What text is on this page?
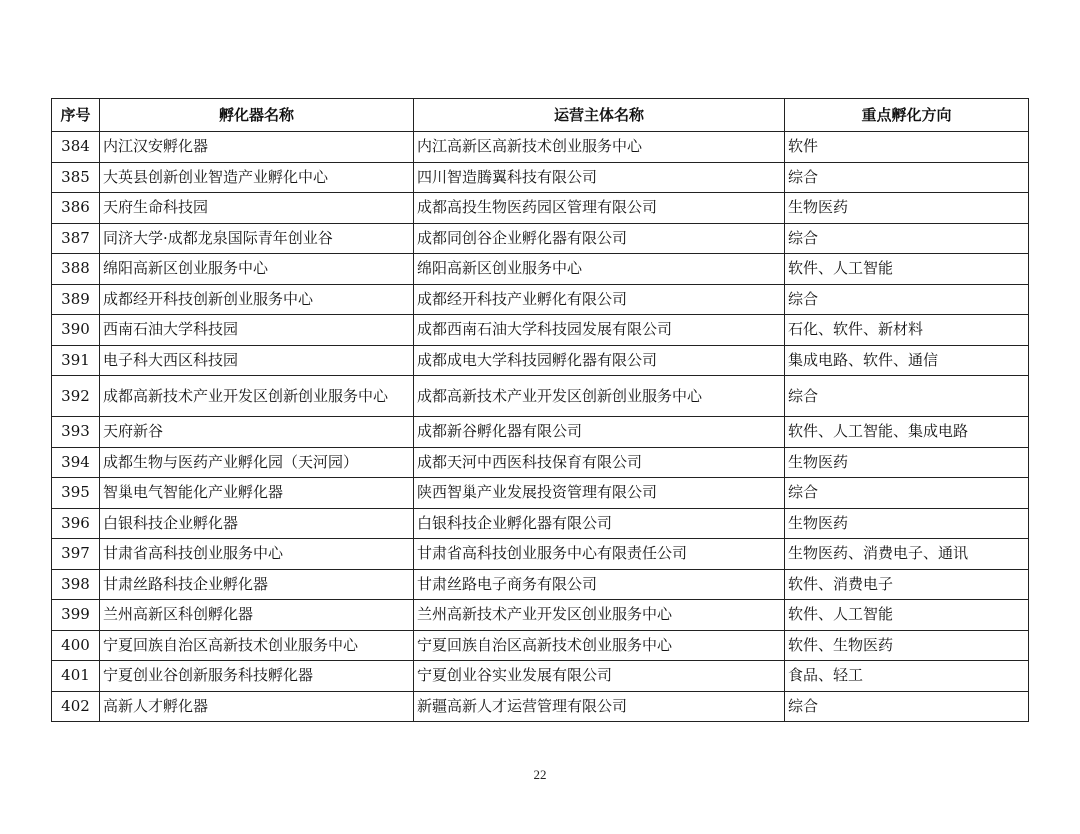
序号	孵化器名称	运营主体名称	重点孵化方向
384	内江汉安孵化器	内江高新区高新技术创业服务中心	软件
385	大英县创新创业智造产业孵化中心	四川智造腾翼科技有限公司	综合
386	天府生命科技园	成都高投生物医药园区管理有限公司	生物医药
387	同济大学·成都龙泉国际青年创业谷	成都同创谷企业孵化器有限公司	综合
388	绵阳高新区创业服务中心	绵阳高新区创业服务中心	软件、人工智能
389	成都经开科技创新创业服务中心	成都经开科技产业孵化有限公司	综合
390	西南石油大学科技园	成都西南石油大学科技园发展有限公司	石化、软件、新材料
391	电子科大西区科技园	成都成电大学科技园孵化器有限公司	集成电路、软件、通信
392	成都高新技术产业开发区创新创业服务中心	成都高新技术产业开发区创新创业服务中心	综合
393	天府新谷	成都新谷孵化器有限公司	软件、人工智能、集成电路
394	成都生物与医药产业孵化园（天河园）	成都天河中西医科技保育有限公司	生物医药
395	智巢电气智能化产业孵化器	陕西智巢产业发展投资管理有限公司	综合
396	白银科技企业孵化器	白银科技企业孵化器有限公司	生物医药
397	甘肃省高科技创业服务中心	甘肃省高科技创业服务中心有限责任公司	生物医药、消费电子、通讯
398	甘肃丝路科技企业孵化器	甘肃丝路电子商务有限公司	软件、消费电子
399	兰州高新区科创孵化器	兰州高新技术产业开发区创业服务中心	软件、人工智能
400	宁夏回族自治区高新技术创业服务中心	宁夏回族自治区高新技术创业服务中心	软件、生物医药
401	宁夏创业谷创新服务科技孵化器	宁夏创业谷实业发展有限公司	食品、轻工
402	高新人才孵化器	新疆高新人才运营管理有限公司	综合
22
